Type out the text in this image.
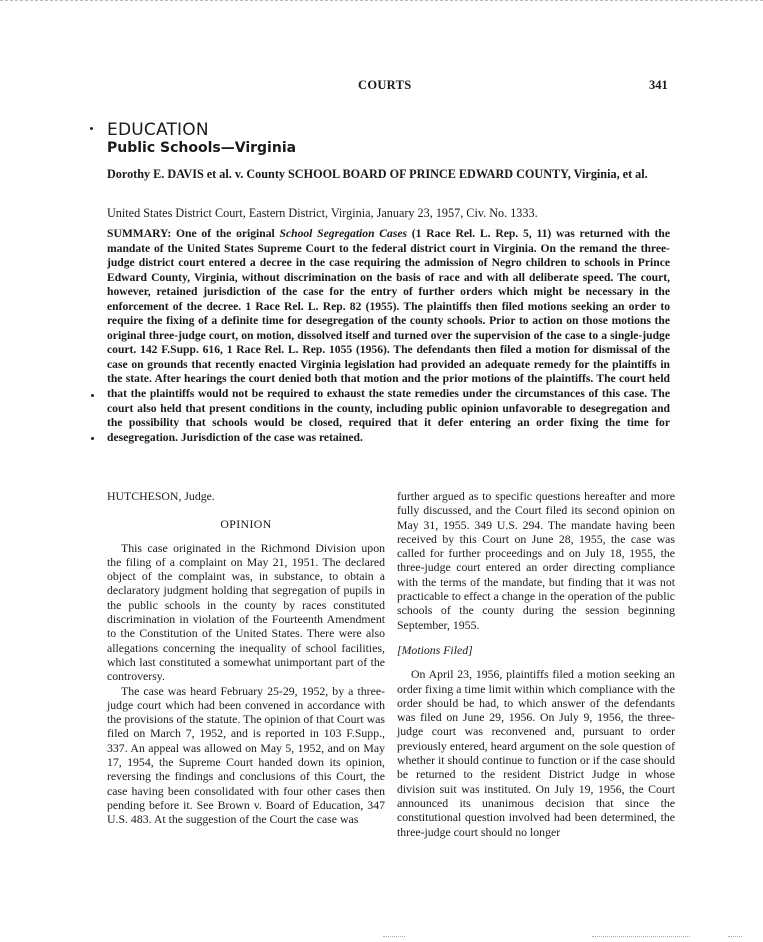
COURTS	341
EDUCATION
Public Schools—Virginia
Dorothy E. DAVIS et al. v. County SCHOOL BOARD OF PRINCE EDWARD COUNTY, Virginia, et al.
United States District Court, Eastern District, Virginia, January 23, 1957, Civ. No. 1333.
SUMMARY: One of the original School Segregation Cases (1 Race Rel. L. Rep. 5, 11) was returned with the mandate of the United States Supreme Court to the federal district court in Virginia. On the remand the three-judge district court entered a decree in the case requiring the admission of Negro children to schools in Prince Edward County, Virginia, without discrimination on the basis of race and with all deliberate speed. The court, however, retained jurisdiction of the case for the entry of further orders which might be necessary in the enforcement of the decree. 1 Race Rel. L. Rep. 82 (1955). The plaintiffs then filed motions seeking an order to require the fixing of a definite time for desegregation of the county schools. Prior to action on those motions the original three-judge court, on motion, dissolved itself and turned over the supervision of the case to a single-judge court. 142 F.Supp. 616, 1 Race Rel. L. Rep. 1055 (1956). The defendants then filed a motion for dismissal of the case on grounds that recently enacted Virginia legislation had provided an adequate remedy for the plaintiffs in the state. After hearings the court denied both that motion and the prior motions of the plaintiffs. The court held that the plaintiffs would not be required to exhaust the state remedies under the circumstances of this case. The court also held that present conditions in the county, including public opinion unfavorable to desegregation and the possibility that schools would be closed, required that it defer entering an order fixing the time for desegregation. Jurisdiction of the case was retained.

HUTCHESON, Judge.

OPINION

This case originated in the Richmond Division upon the filing of a complaint on May 21, 1951. The declared object of the complaint was, in substance, to obtain a declaratory judgment holding that segregation of pupils in the public schools in the county by races constituted discrimination in violation of the Fourteenth Amendment to the Constitution of the United States. There were also allegations concerning the inequality of school facilities, which last constituted a somewhat unimportant part of the controversy.

The case was heard February 25-29, 1952, by a three-judge court which had been convened in accordance with the provisions of the statute. The opinion of that Court was filed on March 7, 1952, and is reported in 103 F.Supp., 337. An appeal was allowed on May 5, 1952, and on May 17, 1954, the Supreme Court handed down its opinion, reversing the findings and conclusions of this Court, the case having been consolidated with four other cases then pending before it. See Brown v. Board of Education, 347 U.S. 483. At the suggestion of the Court the case was

further argued as to specific questions hereafter and more fully discussed, and the Court filed its second opinion on May 31, 1955. 349 U.S. 294. The mandate having been received by this Court on June 28, 1955, the case was called for further proceedings and on July 18, 1955, the three-judge court entered an order directing compliance with the terms of the mandate, but finding that it was not practicable to effect a change in the operation of the public schools of the county during the session beginning September, 1955.

[Motions Filed]

On April 23, 1956, plaintiffs filed a motion seeking an order fixing a time limit within which compliance with the order should be had, to which answer of the defendants was filed on June 29, 1956. On July 9, 1956, the three-judge court was reconvened and, pursuant to order previously entered, heard argument on the sole question of whether it should continue to function or if the case should be returned to the resident District Judge in whose division suit was instituted. On July 19, 1956, the Court announced its unanimous decision that since the constitutional question involved had been determined, the three-judge court should no longer
